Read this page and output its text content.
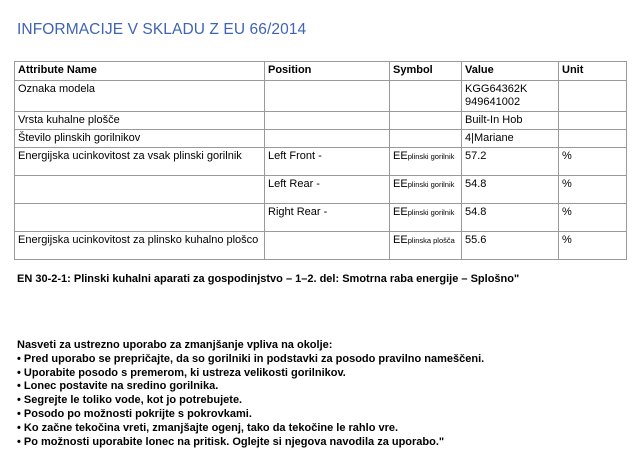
INFORMACIJE V SKLADU Z EU 66/2014
Attribute Name	Position	Symbol	Value	Unit
Oznaka modela			KGG64362K
949641002	
Vrsta kuhalne plošče			Built-In Hob	
Število plinskih gorilnikov			4|Mariane	
Energijska ucinkovitost za vsak plinski gorilnik	Left Front -	EEplinski gorilnik	57.2	%
	Left Rear -	EEplinski gorilnik	54.8	%
	Right Rear -	EEplinski gorilnik	54.8	%
Energijska ucinkovitost za plinsko kuhalno plošco		EEplinska plošča	55.6	%
EN 30-2-1: Plinski kuhalni aparati za gospodinjstvo – 1–2. del: Smotrna raba energije – Splošno"
Nasveti za ustrezno uporabo za zmanjšanje vpliva na okolje:
• Pred uporabo se prepričajte, da so gorilniki in podstavki za posodo pravilno nameščeni.
• Uporabite posodo s premerom, ki ustreza velikosti gorilnikov.
• Lonec postavite na sredino gorilnika.
• Segrejte le toliko vode, kot jo potrebujete.
• Posodo po možnosti pokrijte s pokrovkami.
• Ko začne tekočina vreti, zmanjšajte ogenj, tako da tekočine le rahlo vre.
• Po možnosti uporabite lonec na pritisk. Oglejte si njegova navodila za uporabo."
